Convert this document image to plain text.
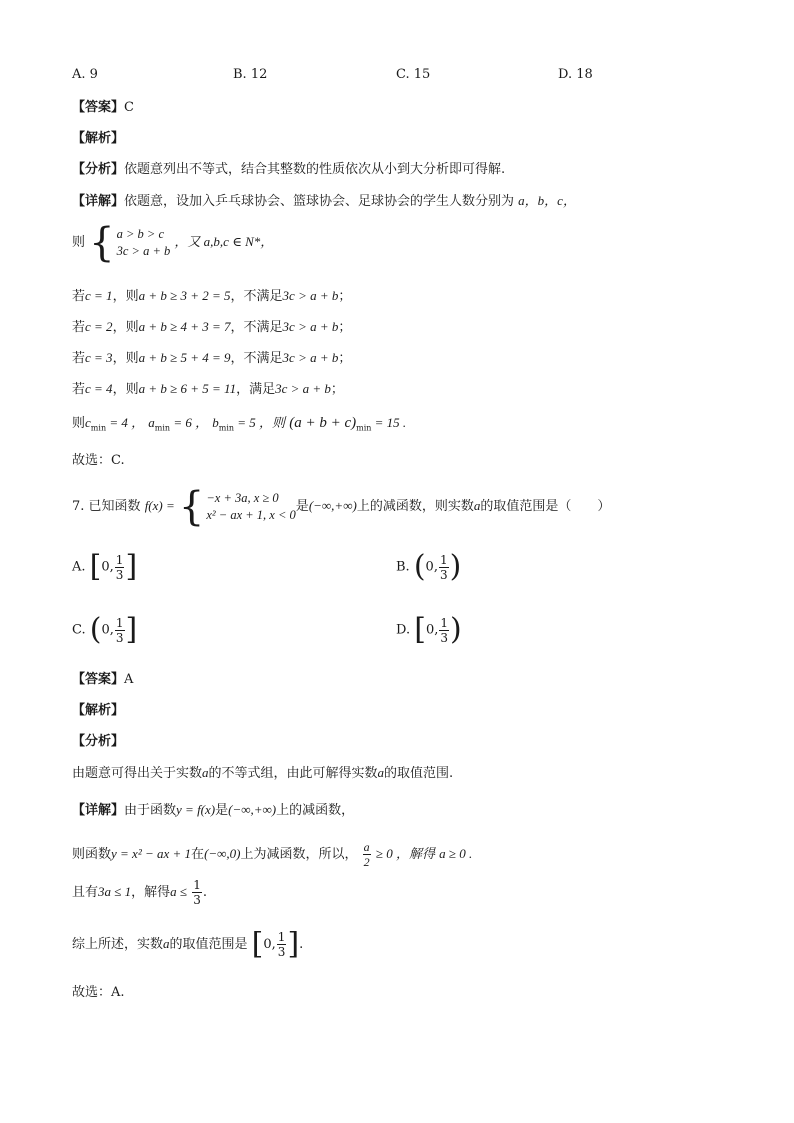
A. 9	B. 12	C. 15	D. 18
【答案】C
【解析】
【分析】依题意列出不等式，结合其整数的性质依次从小到大分析即可得解.
【详解】依题意，设加入乒乓球协会、篮球协会、足球协会的学生人数分别为 a，b，c，
则 { a > b > c
3c > a + b
，又 a,b,c ∈ N*，
若c = 1，则a + b ≥ 3 + 2 = 5，不满足3c > a + b；
若c = 2，则a + b ≥ 4 + 3 = 7，不满足3c > a + b；
若c = 3，则a + b ≥ 5 + 4 = 9，不满足3c > a + b；
若c = 4，则a + b ≥ 6 + 5 = 11，满足3c > a + b；
则$c_{min} = 4$ ， $a_{min} = 6$ ， $b_{min} = 5$ ，则 $(a + b + c)_{min} = 15$ .
故选：C.
7. 已知函数 f(x) = { −x + 3a, x ≥ 0
x² − ax + 1, x < 0
是(−∞,+∞)上的减函数，则实数a的取值范围是（　　）
A. [0, $\frac{1}{3}$ ]	B. (0, $\frac{1}{3}$ )
C. (0, $\frac{1}{3}$ ]	D. [0, $\frac{1}{3}$ )
【答案】A
【解析】
【分析】
由题意可得出关于实数a的不等式组，由此可解得实数a的取值范围.
【详解】由于函数y = f(x)是(−∞,+∞)上的减函数，
则函数y = x² − ax + 1在(−∞,0)上为减函数，所以， $\frac{a}{2} \ge 0$ ，解得 a ≥ 0 .
且有3a ≤ 1，解得$a \le \frac{1}{3}$ .
综上所述，实数a的取值范围是 [0, $\frac{1}{3}$ ].
故选：A.
